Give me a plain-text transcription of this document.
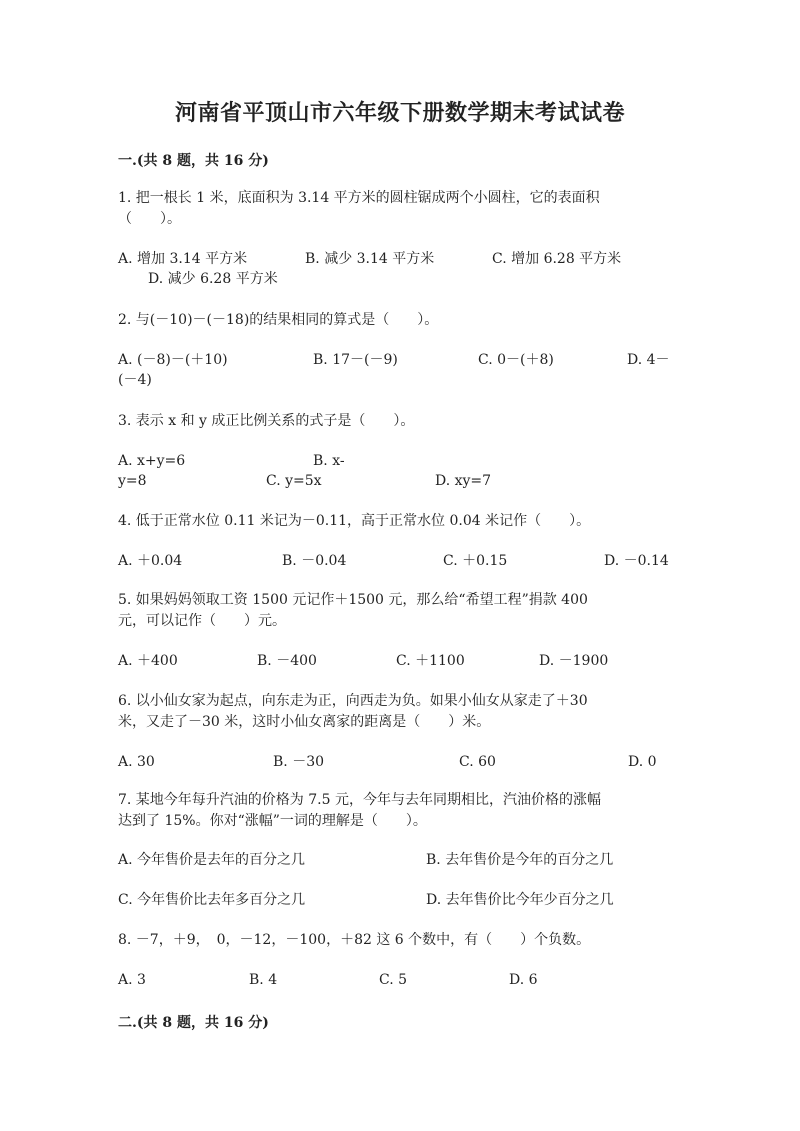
河南省平顶山市六年级下册数学期末考试试卷
一.(共 8 题，共 16 分)
1. 把一根长 1 米，底面积为 3.14 平方米的圆柱锯成两个小圆柱，它的表面积
（　　）。
A. 增加 3.14 平方米	B. 减少 3.14 平方米	C. 增加 6.28 平方米
D. 减少 6.28 平方米
2. 与(－10)－(－18)的结果相同的算式是（　　）。
A. (－8)－(＋10)	B. 17－(－9)	C. 0－(＋8)	D. 4－
(－4)
3. 表示 x 和 y 成正比例关系的式子是（　　）。
A. x+y=6	B. x-
y=8	C. y=5x	D. xy=7
4. 低于正常水位 0.11 米记为－0.11，高于正常水位 0.04 米记作（　　）。
A. ＋0.04	B. －0.04	C. ＋0.15	D. －0.14
5. 如果妈妈领取工资 1500 元记作＋1500 元，那么给“希望工程”捐款 400
元，可以记作（　　）元。
A. ＋400	B. －400	C. ＋1100	D. －1900
6. 以小仙女家为起点，向东走为正，向西走为负。如果小仙女从家走了＋30
米，又走了－30 米，这时小仙女离家的距离是（　　）米。
A. 30	B. －30	C. 60	D. 0
7. 某地今年每升汽油的价格为 7.5 元，今年与去年同期相比，汽油价格的涨幅
达到了 15%。你对“涨幅”一词的理解是（　　）。
A. 今年售价是去年的百分之几	B. 去年售价是今年的百分之几
C. 今年售价比去年多百分之几	D. 去年售价比今年少百分之几
8. －7，＋9，　0，－12，－100，＋82 这 6 个数中，有（　　）个负数。
A. 3	B. 4	C. 5	D. 6
二.(共 8 题，共 16 分)
